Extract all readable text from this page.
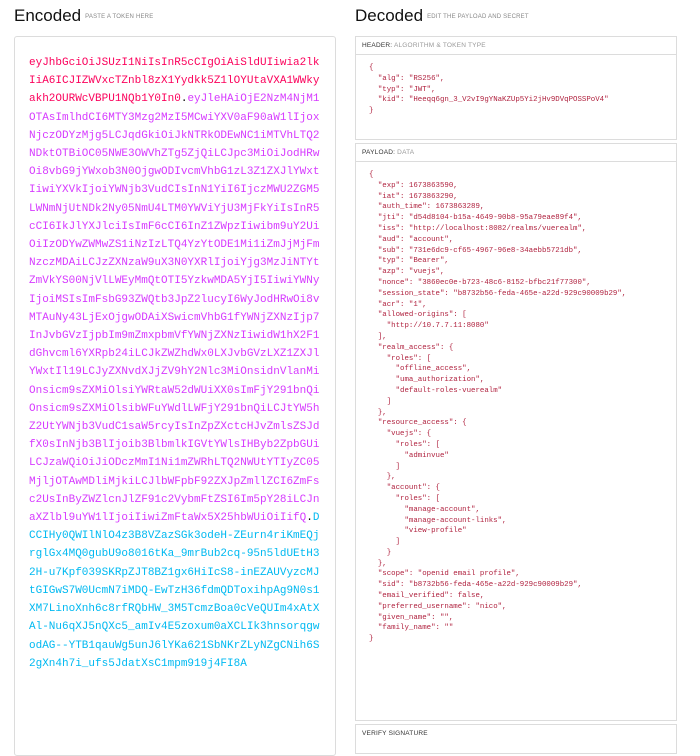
Encoded PASTE A TOKEN HERE	Decoded EDIT THE PAYLOAD AND SECRET
eyJhbGciOiJSUzI1NiIsInR5cCIgOiAiSldUIiwia2lkIiA6ICJIZWVxcTZnbl8zX1Yydkk5Z1lOYUtaVXA1WWkyakh2OURWcVBPU1NQb1Y0In0.eyJleHAiOjE2NzM4NjM1OTAsImlhdCI6MTY3Mzg2MzI5MCwiYXV0aF90aW1lIjoxNjczODYzMjg5LCJqdGkiOiJkNTRkODEwNC1iMTVhLTQ2NDktOTBiOC05NWE3OWVhZTg5ZjQiLCJpc3MiOiJodHRwOi8vbG9jYWxob3N0OjgwODIvcmVhbG1zL3Z1ZXJlYWxtIiwiYXVkIjoiYWNjb3VudCIsInN1YiI6IjczMWU2ZGM5LWNmNjUtNDk2Ny05NmU4LTM0YWViYjU3MjFkYiIsInR5cCI6IkJlYXJlciIsImF6cCI6InZ1ZWpzIiwibm9uY2UiOiIzODYwZWMwZS1iNzIzLTQ4YzYtODE1Mi1iZmJjMjFmNzczMDAiLCJzZXNzaW9uX3N0YXRlIjoiYjg3MzJiNTYtZmVkYS00NjVlLWEyMmQtOTI5YzkwMDA5YjI5IiwiYWNyIjoiMSIsImFsbG93ZWQtb3JpZ2lucyI6WyJodHRwOi8vMTAuNy43LjExOjgwODAiXSwicmVhbG1fYWNjZXNzIjp7InJvbGVzIjpbIm9mZmxpbmVfYWNjZXNzIiwidW1hX2F1dGhvcml6YXRpb24iLCJkZWZhdWx0LXJvbGVzLXZ1ZXJlYWxtIl19LCJyZXNvdXJjZV9hY2Nlc3MiOnsidnVlanMiOnsicm9sZXMiOlsiYWRtaW52dWUiXX0sImFjY291bnQiOnsicm9sZXMiOlsibWFuYWdlLWFjY291bnQiLCJtYW5hZ2UtYWNjb3VudC1saW5rcyIsInZpZXctcHJvZmlsZSJdfX0sInNjb3BlIjoib3BlbmlkIGVtYWlsIHByb2ZpbGUiLCJzaWQiOiJiODczMmI1Ni1mZWRhLTQ2NWUtYTIyZC05MjljOTAwMDliMjkiLCJlbWFpbF92ZXJpZmllZCI6ZmFsc2UsInByZWZlcnJlZF91c2VybmFtZSI6Im5pY28iLCJnaXZlbl9uYW1lIjoiIiwiZmFtaWx5X25hbWUiOiIifQ.DCCIHy0QWIlNlO4z3B8VZazSGk3odeH-ZEurn4riKmEQjrglGx4MQ0gubU9o8016tKa_9mrBub2cq-95n5ldUEtH32H-u7Kpf039SKRpZJT8BZ1gx6HiIcS8-inEZAUVyzcMJtGIGwS7W0UcmN7iMDQ-EwTzH36fdmQDToxihpAg9N0s1XM7LinoXnh6c8rfRQbHW_3M5TcmzBoa0cVeQUIm4xAtXAl-Nu6qXJ5nQXc5_amIv4E5zoxum0aXCLIk3hnsorqgwodAG--YTB1qauWg5unJ6lYKa621SbNKrZLyNZgCNih6S2gXn4h7i_ufs5JdatXsC1mpm919j4FI8A
HEADER: ALGORITHM & TOKEN TYPE
{
"alg": "RS256",
"typ": "JWT",
"kid": "Heeqq6gn_3_V2vI9gYNaKZUp5Yi2jHv9DVqPOSSPoV4"
}
PAYLOAD: DATA
{
"exp": 1673863590,
"iat": 1673863290,
"auth_time": 1673863289,
"jti": "d54d8104-b15a-4649-90b8-95a79eae89f4",
"iss": "http://localhost:8082/realms/vuerealm",
"aud": "account",
"sub": "731e6dc9-cf65-4967-96e8-34aebb5721db",
"typ": "Bearer",
"azp": "vuejs",
"nonce": "3860ec0e-b723-48c6-8152-bfbc21f77300",
"session_state": "b8732b56-feda-465e-a22d-929c90009b29",
"acr": "1",
"allowed-origins": [
"http://10.7.7.11:8080"
],
"realm_access": {
"roles": [
"offline_access",
"uma_authorization",
"default-roles-vuerealm"
]
},
"resource_access": {
"vuejs": {
"roles": [
"adminvue"
]
},
"account": {
"roles": [
"manage-account",
"manage-account-links",
"view-profile"
]
}
},
"scope": "openid email profile",
"sid": "b8732b56-feda-465e-a22d-929c90009b29",
"email_verified": false,
"preferred_username": "nico",
"given_name": "",
"family_name": ""
}
VERIFY SIGNATURE
